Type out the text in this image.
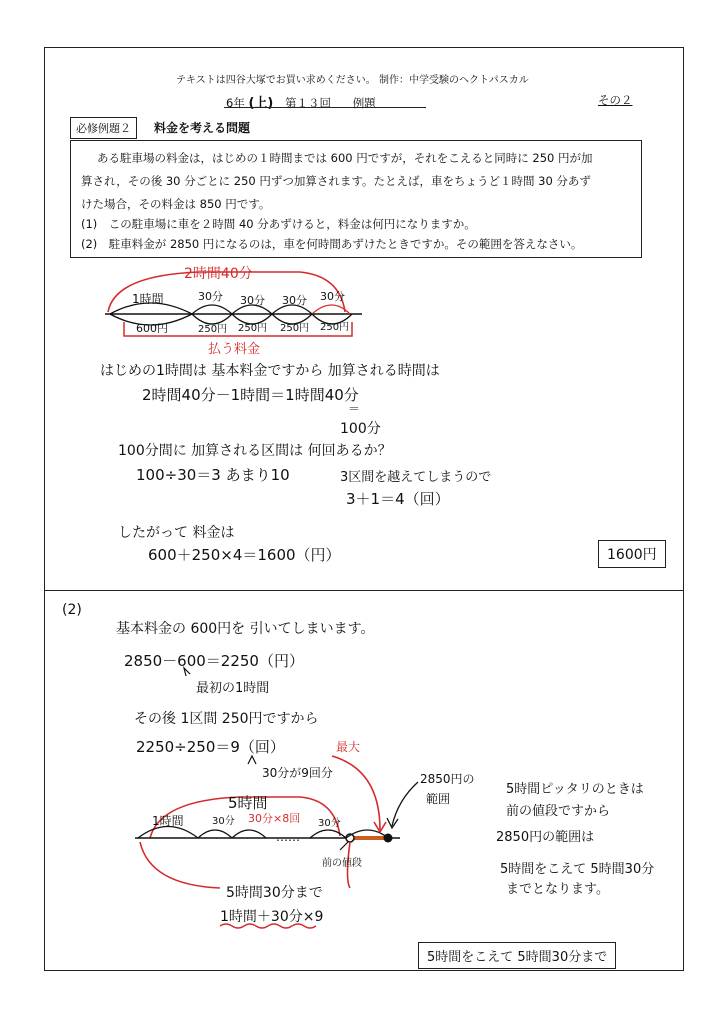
テキストは四谷大塚でお買い求めください。 制作：中学受験のヘクトパスカル
6年 (上) 第１３回 例題	その２
必修例題２	料金を考える問題
ある駐車場の料金は，はじめの１時間までは 600 円ですが，それをこえると同時に 250 円が加
算され，その後 30 分ごとに 250 円ずつ加算されます。たとえば，車をちょうど１時間 30 分あず
けた場合，その料金は 850 円です。
(1)　この駐車場に車を２時間 40 分あずけると，料金は何円になりますか。
(2)　駐車料金が 2850 円になるのは，車を何時間あずけたときですか。その範囲を答えなさい。
2時間40分
1時間	30分 30分 30分 30分
600円	250円 250円 250円 250円
払う料金
はじめの1時間は 基本料金ですから 加算される時間は
2時間40分－1時間＝1時間40分
＝
100分
100分間に 加算される区間は 何回あるか？
100÷30＝3 あまり10	3区間を越えてしまうので
3＋1＝4（回）
したがって 料金は
600＋250×4＝1600（円）	1600円
(2)
基本料金の 600円を 引いてしまいます。
2850－600＝2250（円）
最初の1時間
その後 1区間 250円ですから
2250÷250＝9（回）	最大
30分が9回分	2850円の
範囲
5時間
1時間	30分 30分×8回 30分
……
前の値段
5時間30分まで
1時間＋30分×9
5時間ピッタリのときは
前の値段ですから
2850円の範囲は
5時間をこえて 5時間30分
までとなります。
5時間をこえて 5時間30分まで
